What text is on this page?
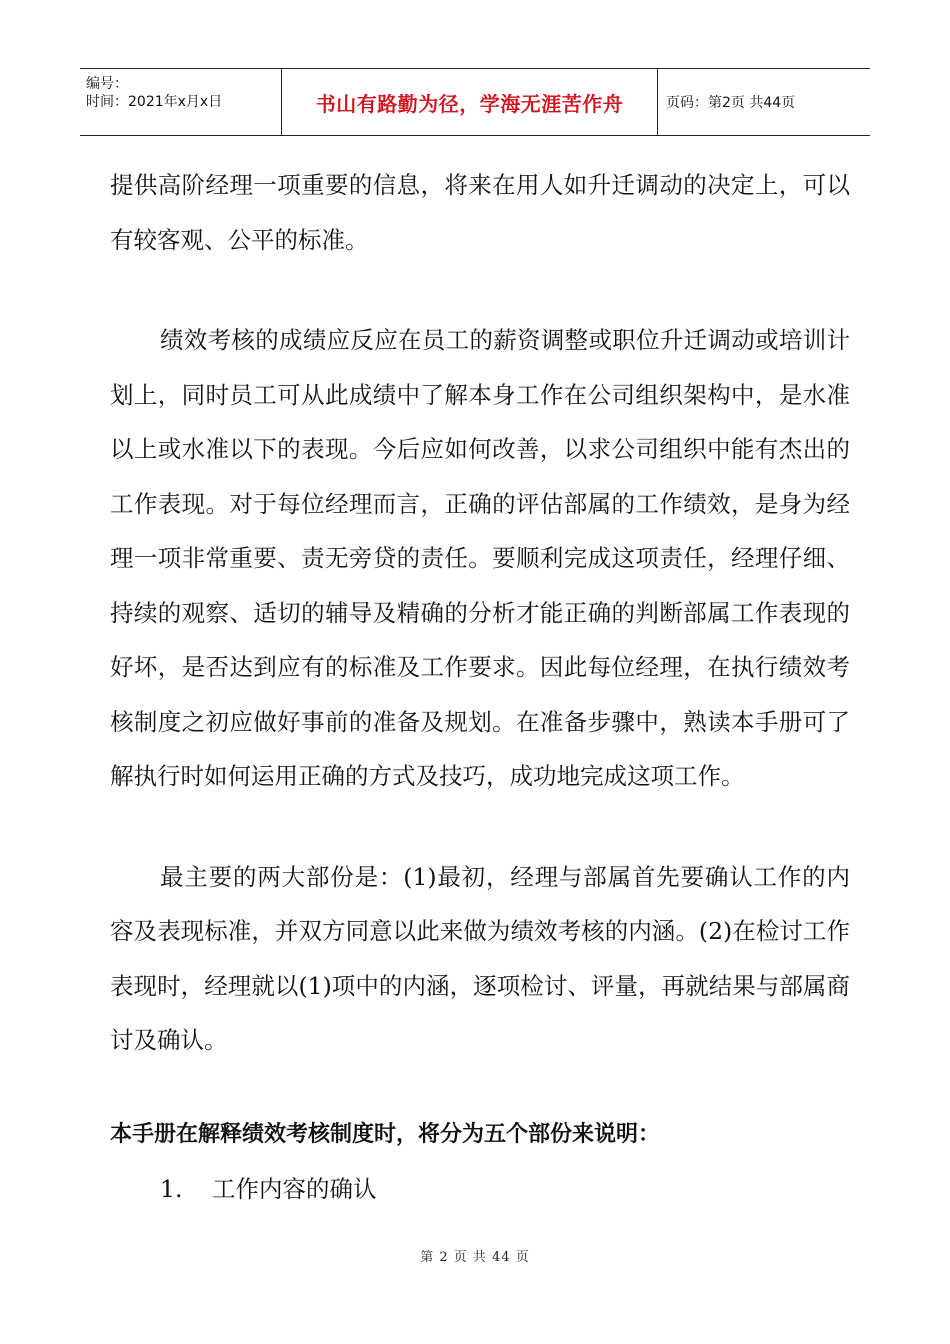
编号：
时间：2021年x月x日	书山有路勤为径，学海无涯苦作舟	页码：第2页 共44页

提供高阶经理一项重要的信息，将来在用人如升迁调动的决定上，可以有较客观、公平的标准。

绩效考核的成绩应反应在员工的薪资调整或职位升迁调动或培训计划上，同时员工可从此成绩中了解本身工作在公司组织架构中，是水准以上或水准以下的表现。今后应如何改善，以求公司组织中能有杰出的工作表现。对于每位经理而言，正确的评估部属的工作绩效，是身为经理一项非常重要、责无旁贷的责任。要顺利完成这项责任，经理仔细、持续的观察、适切的辅导及精确的分析才能正确的判断部属工作表现的好坏，是否达到应有的标准及工作要求。因此每位经理，在执行绩效考核制度之初应做好事前的准备及规划。在准备步骤中，熟读本手册可了解执行时如何运用正确的方式及技巧，成功地完成这项工作。

最主要的两大部份是：(1)最初，经理与部属首先要确认工作的内容及表现标准，并双方同意以此来做为绩效考核的内涵。(2)在检讨工作表现时，经理就以(1)项中的内涵，逐项检讨、评量，再就结果与部属商讨及确认。

本手册在解释绩效考核制度时，将分为五个部份来说明：

1.	工作内容的确认
第 2 页 共 44 页
